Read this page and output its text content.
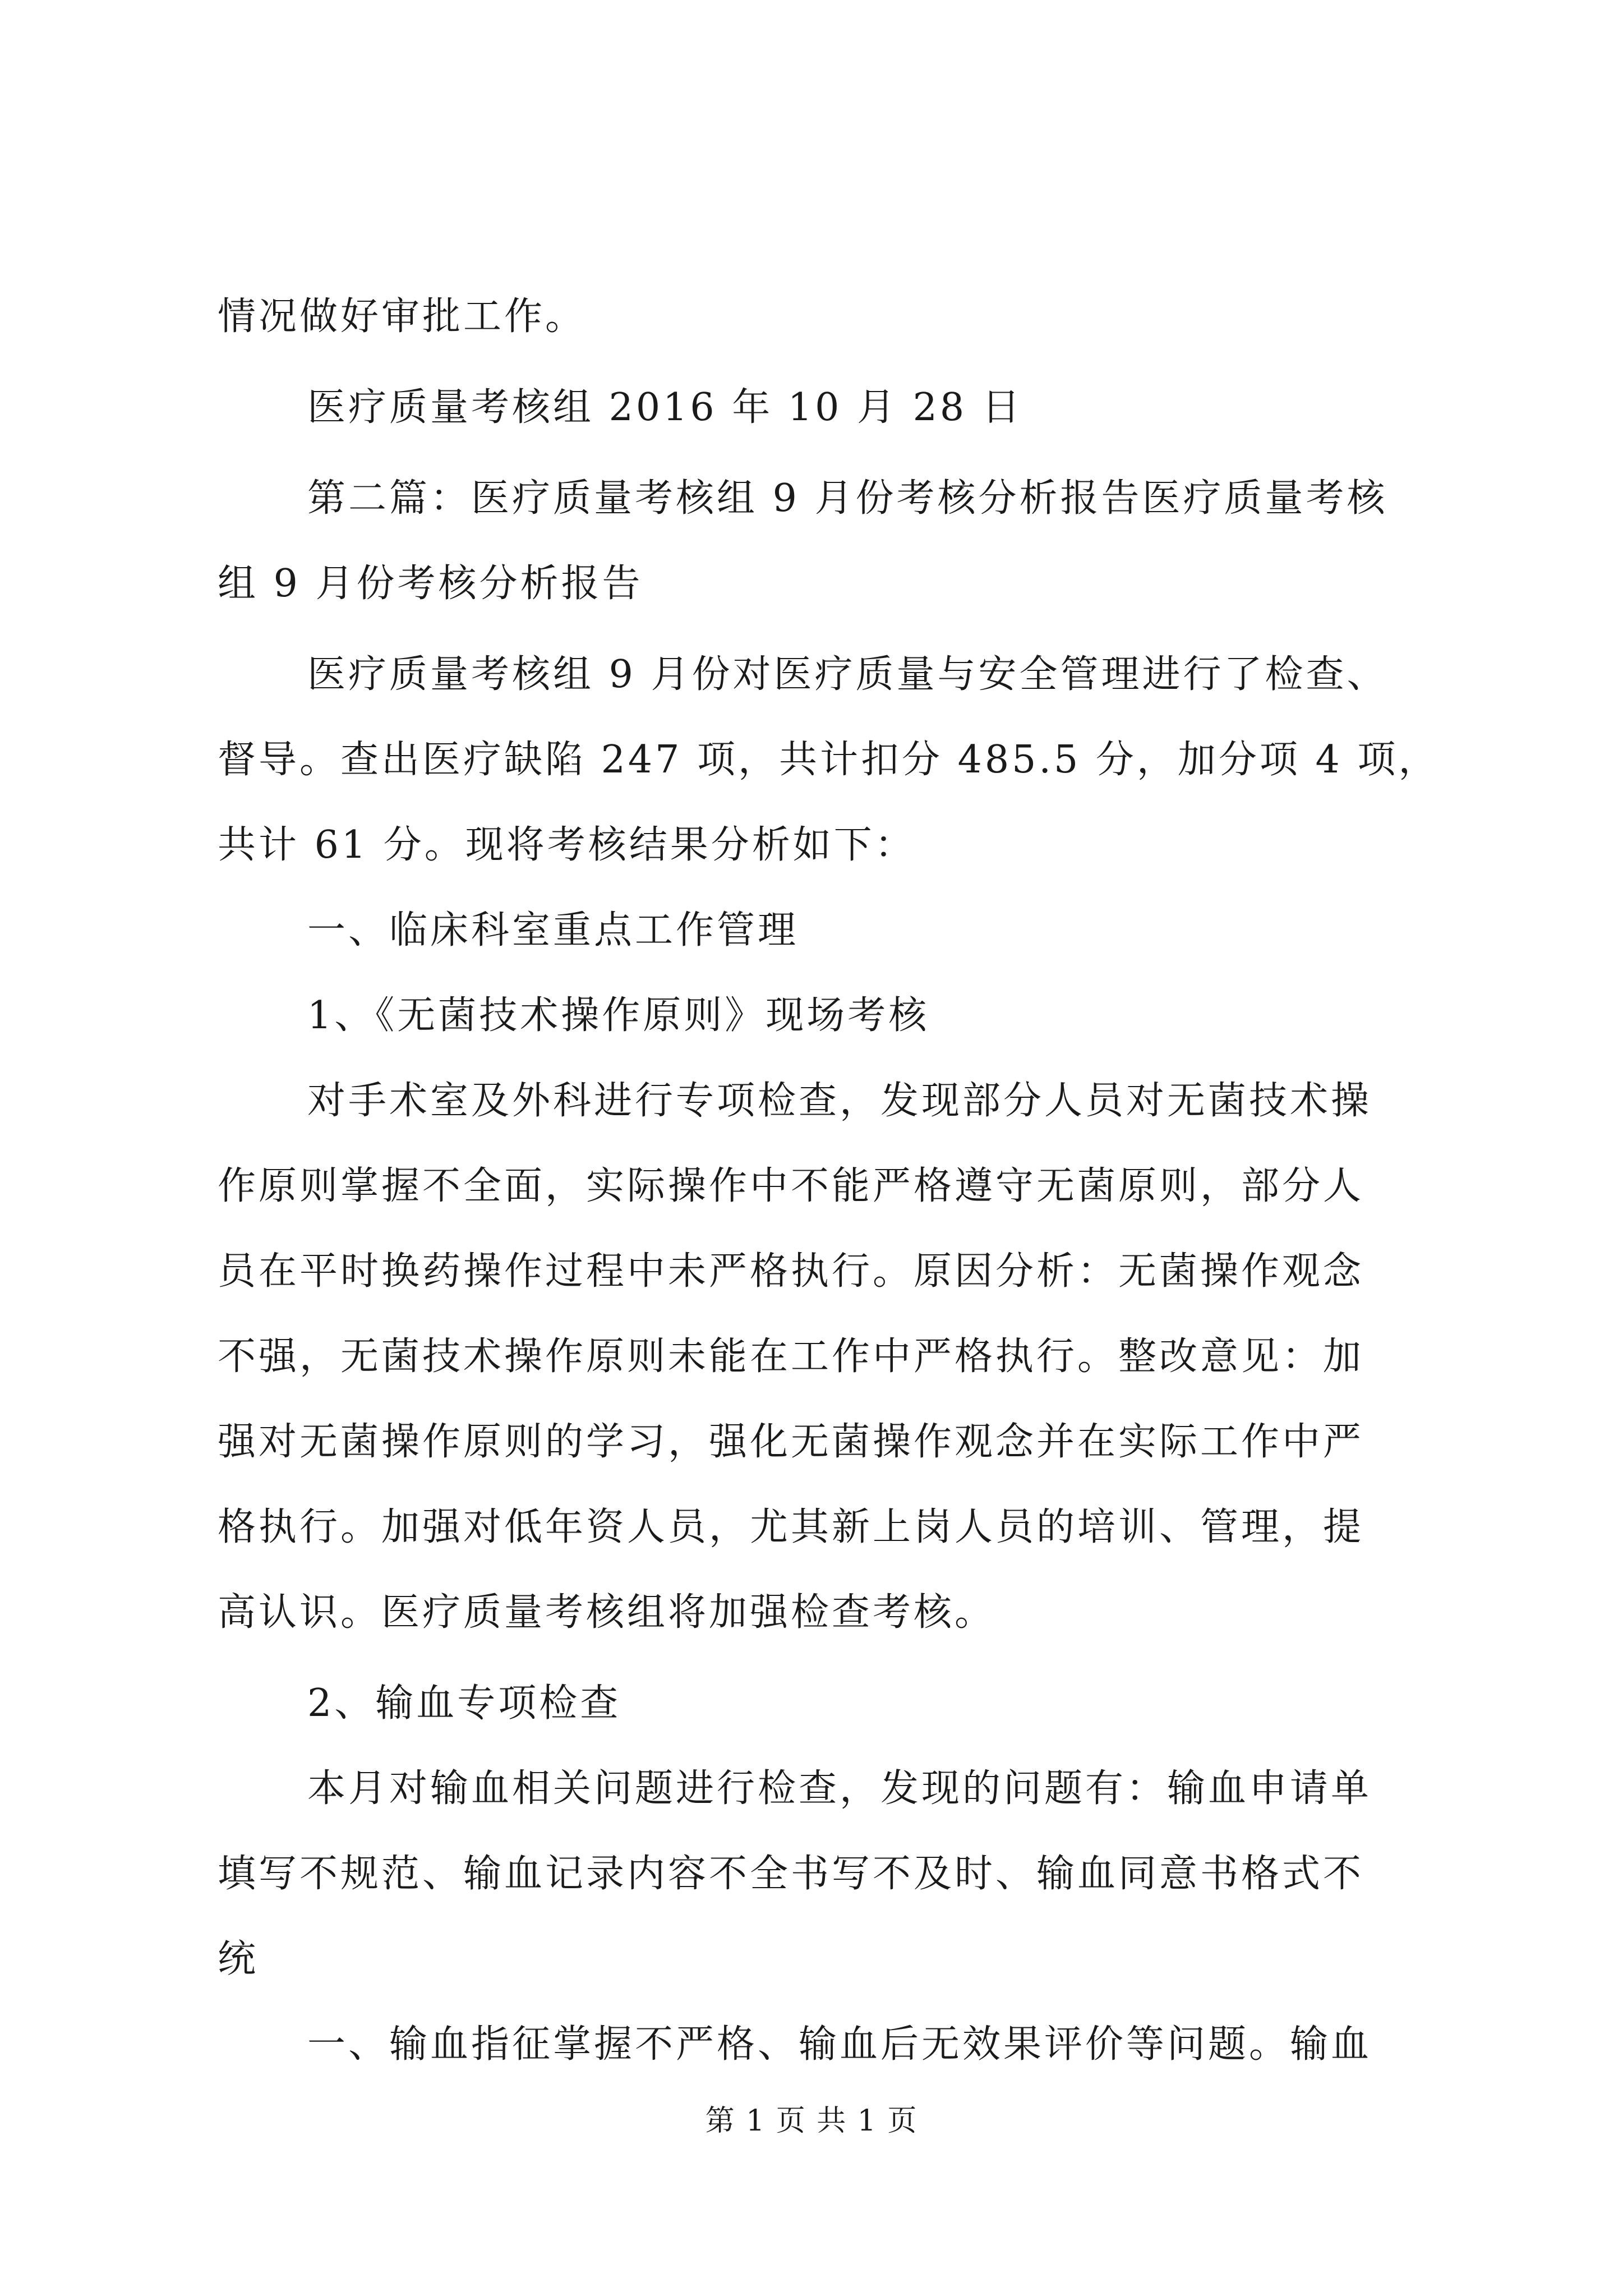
情况做好审批工作。
医疗质量考核组 2016 年 10 月 28 日
第二篇：医疗质量考核组 9 月份考核分析报告医疗质量考核
组 9 月份考核分析报告
医疗质量考核组 9 月份对医疗质量与安全管理进行了检查、
督导。查出医疗缺陷 247 项，共计扣分 485.5 分，加分项 4 项，
共计 61 分。现将考核结果分析如下：
一、临床科室重点工作管理
1、《无菌技术操作原则》现场考核
对手术室及外科进行专项检查，发现部分人员对无菌技术操
作原则掌握不全面，实际操作中不能严格遵守无菌原则，部分人
员在平时换药操作过程中未严格执行。原因分析：无菌操作观念
不强，无菌技术操作原则未能在工作中严格执行。整改意见：加
强对无菌操作原则的学习，强化无菌操作观念并在实际工作中严
格执行。加强对低年资人员，尤其新上岗人员的培训、管理，提
高认识。医疗质量考核组将加强检查考核。
2、输血专项检查
本月对输血相关问题进行检查，发现的问题有：输血申请单
填写不规范、输血记录内容不全书写不及时、输血同意书格式不
统
一、输血指征掌握不严格、输血后无效果评价等问题。输血
第 1 页 共 1 页
